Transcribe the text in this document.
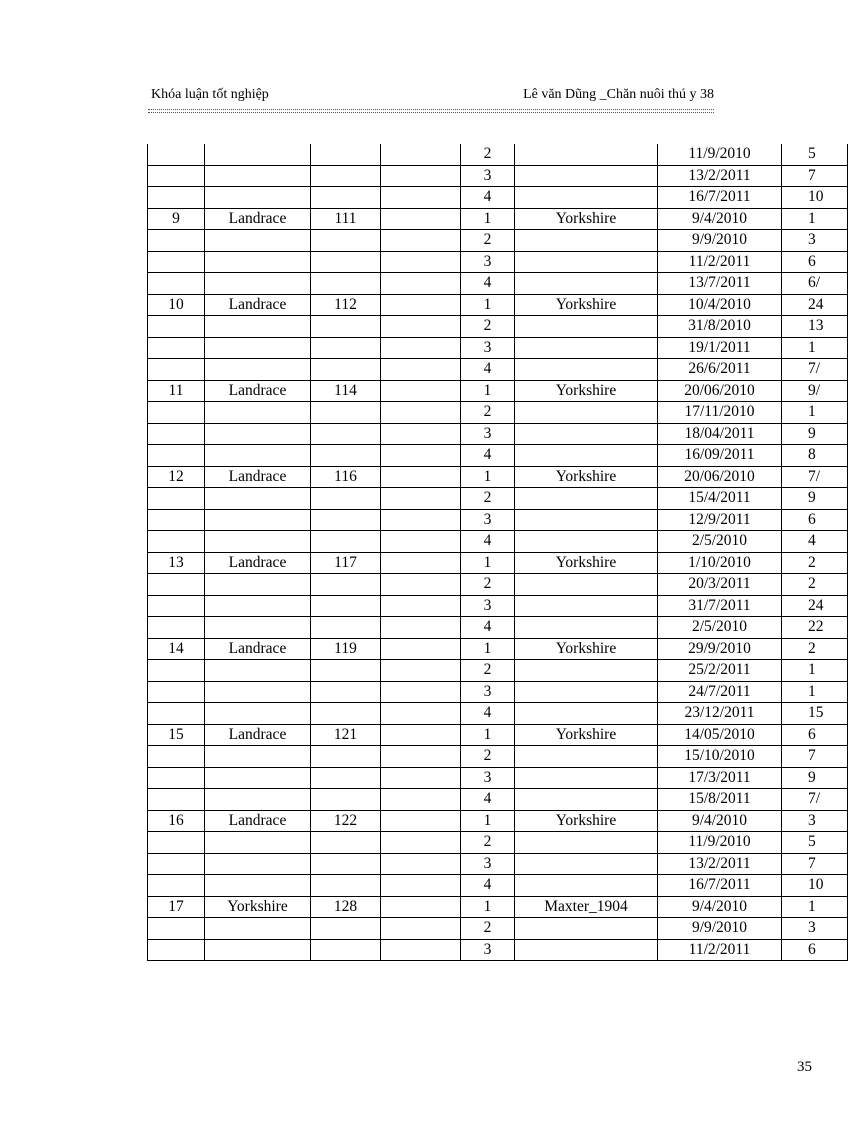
Khóa luận tốt nghiệp	Lê văn Dũng _Chăn nuôi thú y 38
				2		11/9/2010	5
				3		13/2/2011	7
				4		16/7/2011	10
9	Landrace	111		1	Yorkshire	9/4/2010	1
				2		9/9/2010	3
				3		11/2/2011	6
				4		13/7/2011	6/
10	Landrace	112		1	Yorkshire	10/4/2010	24
				2		31/8/2010	13
				3		19/1/2011	1
				4		26/6/2011	7/
11	Landrace	114		1	Yorkshire	20/06/2010	9/
				2		17/11/2010	1
				3		18/04/2011	9
				4		16/09/2011	8
12	Landrace	116		1	Yorkshire	20/06/2010	7/
				2		15/4/2011	9
				3		12/9/2011	6
				4		2/5/2010	4
13	Landrace	117		1	Yorkshire	1/10/2010	2
				2		20/3/2011	2
				3		31/7/2011	24
				4		2/5/2010	22
14	Landrace	119		1	Yorkshire	29/9/2010	2
				2		25/2/2011	1
				3		24/7/2011	1
				4		23/12/2011	15
15	Landrace	121		1	Yorkshire	14/05/2010	6
				2		15/10/2010	7
				3		17/3/2011	9
				4		15/8/2011	7/
16	Landrace	122		1	Yorkshire	9/4/2010	3
				2		11/9/2010	5
				3		13/2/2011	7
				4		16/7/2011	10
17	Yorkshire	128		1	Maxter_1904	9/4/2010	1
				2		9/9/2010	3
				3		11/2/2011	6
35
